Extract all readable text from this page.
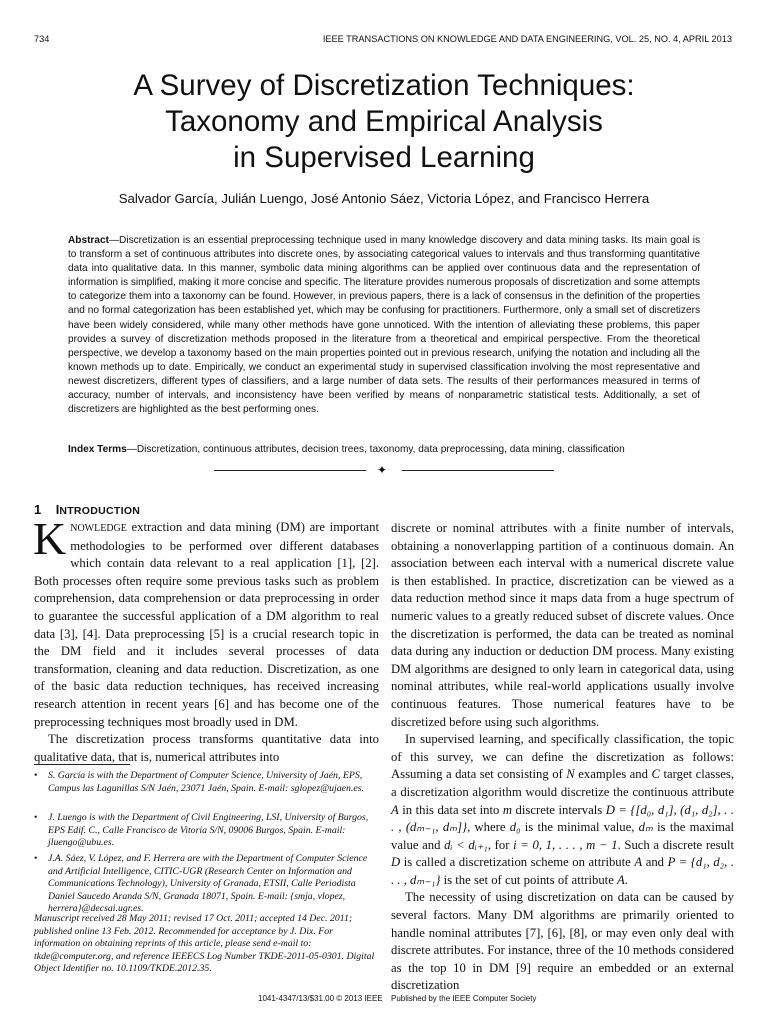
734	IEEE TRANSACTIONS ON KNOWLEDGE AND DATA ENGINEERING, VOL. 25, NO. 4, APRIL 2013
A Survey of Discretization Techniques:
Taxonomy and Empirical Analysis
in Supervised Learning
Salvador García, Julián Luengo, José Antonio Sáez, Victoria López, and Francisco Herrera
Abstract—Discretization is an essential preprocessing technique used in many knowledge discovery and data mining tasks. Its main goal is to transform a set of continuous attributes into discrete ones, by associating categorical values to intervals and thus transforming quantitative data into qualitative data. In this manner, symbolic data mining algorithms can be applied over continuous data and the representation of information is simplified, making it more concise and specific. The literature provides numerous proposals of discretization and some attempts to categorize them into a taxonomy can be found. However, in previous papers, there is a lack of consensus in the definition of the properties and no formal categorization has been established yet, which may be confusing for practitioners. Furthermore, only a small set of discretizers have been widely considered, while many other methods have gone unnoticed. With the intention of alleviating these problems, this paper provides a survey of discretization methods proposed in the literature from a theoretical and empirical perspective. From the theoretical perspective, we develop a taxonomy based on the main properties pointed out in previous research, unifying the notation and including all the known methods up to date. Empirically, we conduct an experimental study in supervised classification involving the most representative and newest discretizers, different types of classifiers, and a large number of data sets. The results of their performances measured in terms of accuracy, number of intervals, and inconsistency have been verified by means of nonparametric statistical tests. Additionally, a set of discretizers are highlighted as the best performing ones.
Index Terms—Discretization, continuous attributes, decision trees, taxonomy, data preprocessing, data mining, classification
✦
1 INTRODUCTION

KNOWLEDGE extraction and data mining (DM) are important methodologies to be performed over different databases which contain data relevant to a real application [1], [2]. Both processes often require some previous tasks such as problem comprehension, data comprehension or data preprocessing in order to guarantee the successful application of a DM algorithm to real data [3], [4]. Data preprocessing [5] is a crucial research topic in the DM field and it includes several processes of data transformation, cleaning and data reduction. Discretization, as one of the basic data reduction techniques, has received increasing research attention in recent years [6] and has become one of the preprocessing techniques most broadly used in DM.

The discretization process transforms quantitative data into qualitative data, that is, numerical attributes into

• S. García is with the Department of Computer Science, University of Jaén, EPS, Campus las Lagunillas S/N Jaén, 23071 Jaén, Spain. E-mail: sglopez@ujaen.es.
• J. Luengo is with the Department of Civil Engineering, LSI, University of Burgos, EPS Edif. C., Calle Francisco de Vitoria S/N, 09006 Burgos, Spain. E-mail: jluengo@ubu.es.
• J.A. Sáez, V. López, and F. Herrera are with the Department of Computer Science and Artificial Intelligence, CITIC-UGR (Research Center on Information and Communications Technology), University of Granada, ETSII, Calle Periodista Daniel Saucedo Aranda S/N, Granada 18071, Spain. E-mail: {smja, vlopez, herrera}@decsai.ugr.es.
Manuscript received 28 May 2011; revised 17 Oct. 2011; accepted 14 Dec. 2011; published online 13 Feb. 2012. Recommended for acceptance by J. Dix. For information on obtaining reprints of this article, please send e-mail to: tkde@computer.org, and reference IEEECS Log Number TKDE-2011-05-0301. Digital Object Identifier no. 10.1109/TKDE.2012.35.

discrete or nominal attributes with a finite number of intervals, obtaining a nonoverlapping partition of a continuous domain. An association between each interval with a numerical discrete value is then established. In practice, discretization can be viewed as a data reduction method since it maps data from a huge spectrum of numeric values to a greatly reduced subset of discrete values. Once the discretization is performed, the data can be treated as nominal data during any induction or deduction DM process. Many existing DM algorithms are designed to only learn in categorical data, using nominal attributes, while real-world applications usually involve continuous features. Those numerical features have to be discretized before using such algorithms.

In supervised learning, and specifically classification, the topic of this survey, we can define the discretization as follows: Assuming a data set consisting of N examples and C target classes, a discretization algorithm would discretize the continuous attribute A in this data set into m discrete intervals D = {[d₀, d₁], (d₁, d₂], . . . , (dₘ₋₁, dₘ]}, where d₀ is the minimal value, dₘ is the maximal value and dᵢ < dᵢ₊₁, for i = 0, 1, . . . , m − 1. Such a discrete result D is called a discretization scheme on attribute A and P = {d₁, d₂, . . . , dₘ₋₁} is the set of cut points of attribute A.

The necessity of using discretization on data can be caused by several factors. Many DM algorithms are primarily oriented to handle nominal attributes [7], [6], [8], or may even only deal with discrete attributes. For instance, three of the 10 methods considered as the top 10 in DM [9] require an embedded or an external discretization

1041-4347/13/$31.00 © 2013 IEEE Published by the IEEE Computer Society
